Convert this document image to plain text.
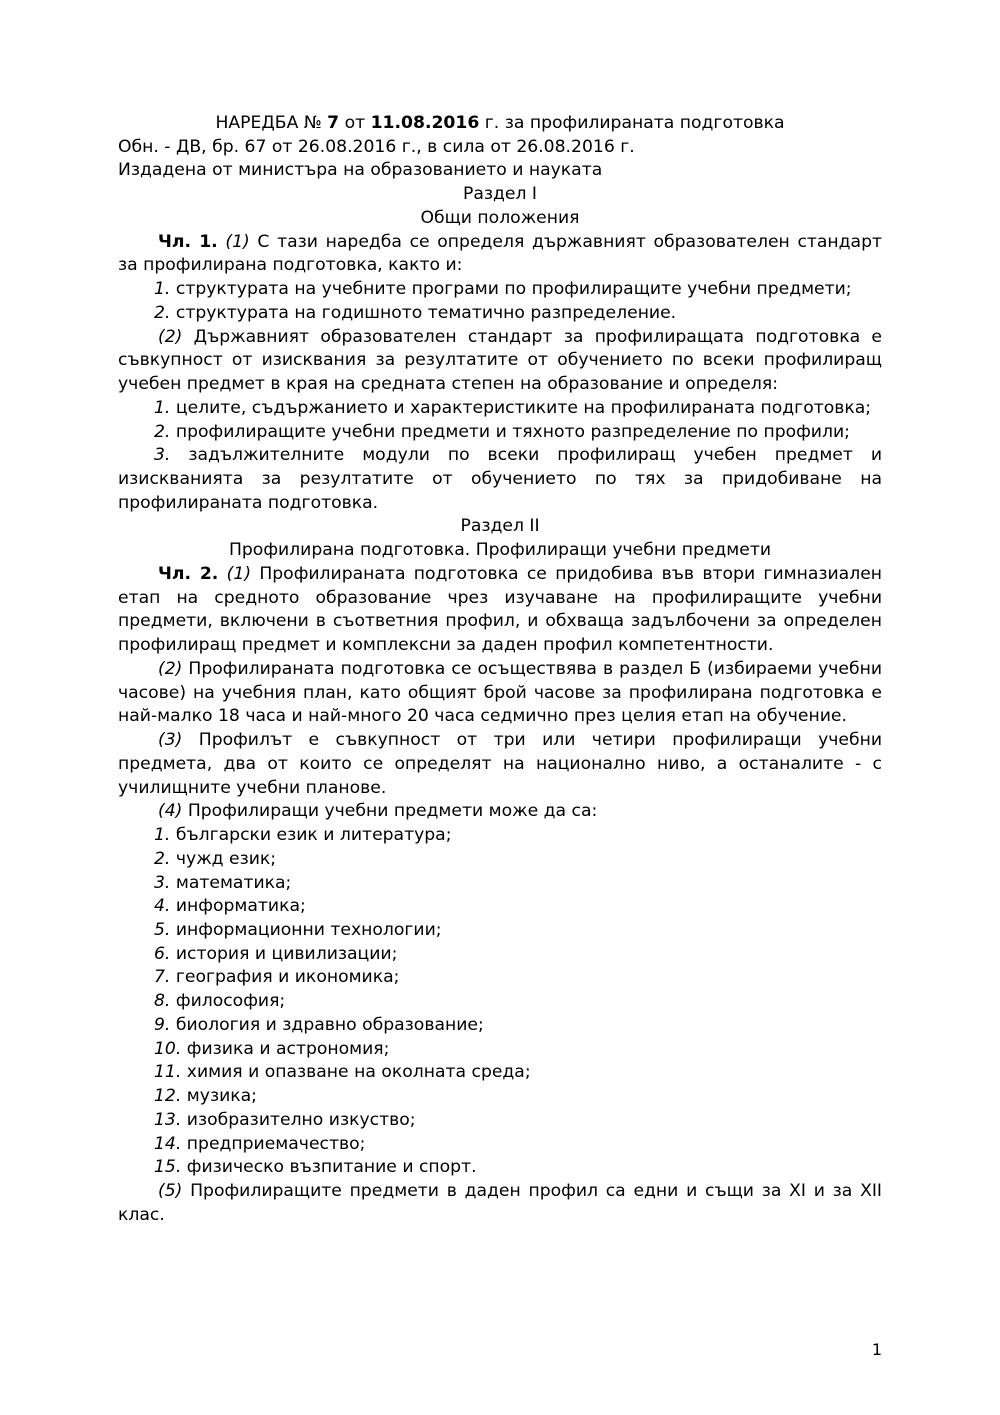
НАРЕДБА № 7 от 11.08.2016 г. за профилираната подготовка

Обн. - ДВ, бр. 67 от 26.08.2016 г., в сила от 26.08.2016 г.

Издадена от министъра на образованието и науката

Раздел I

Общи положения

Чл. 1. (1) С тази наредба се определя държавният образователен стандарт за профилирана подготовка, както и:

1. структурата на учебните програми по профилиращите учебни предмети;

2. структурата на годишното тематично разпределение.

(2) Държавният образователен стандарт за профилиращата подготовка е съвкупност от изисквания за резултатите от обучението по всеки профилиращ учебен предмет в края на средната степен на образование и определя:

1. целите, съдържанието и характеристиките на профилираната подготовка;

2. профилиращите учебни предмети и тяхното разпределение по профили;

3. задължителните модули по всеки профилиращ учебен предмет и изискванията за резултатите от обучението по тях за придобиване на профилираната подготовка.

Раздел II

Профилирана подготовка. Профилиращи учебни предмети

Чл. 2. (1) Профилираната подготовка се придобива във втори гимназиален етап на средното образование чрез изучаване на профилиращите учебни предмети, включени в съответния профил, и обхваща задълбочени за определен профилиращ предмет и комплексни за даден профил компетентности.

(2) Профилираната подготовка се осъществява в раздел Б (избираеми учебни часове) на учебния план, като общият брой часове за профилирана подготовка е най-малко 18 часа и най-много 20 часа седмично през целия етап на обучение.

(3) Профилът е съвкупност от три или четири профилиращи учебни предмета, два от които се определят на национално ниво, а останалите - с училищните учебни планове.

(4) Профилиращи учебни предмети може да са:

1. български език и литература;

2. чужд език;

3. математика;

4. информатика;

5. информационни технологии;

6. история и цивилизации;

7. география и икономика;

8. философия;

9. биология и здравно образование;

10. физика и астрономия;

11. химия и опазване на околната среда;

12. музика;

13. изобразително изкуство;

14. предприемачество;

15. физическо възпитание и спорт.

(5) Профилиращите предмети в даден профил са едни и същи за XI и за XII клас.

1
